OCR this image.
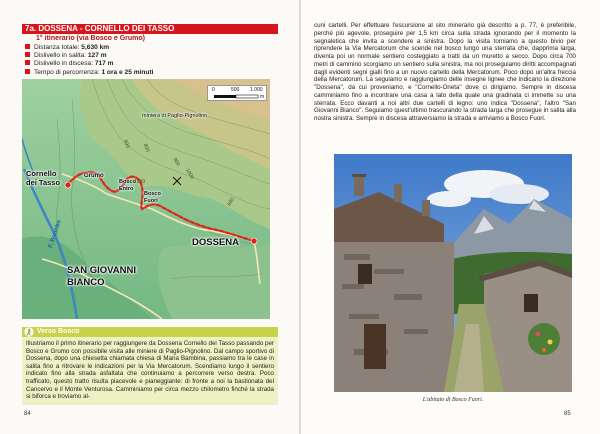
7a. DOSSENA - CORNELLO DEI TASSO
1° itinerario (via Bosco e Grumo)
Distanza totale: 5,630 km
Dislivello in salita: 127 m
Dislivello in discesa: 717 m
Tempo di percorrenza: 1 ora e 25 minuti
0	500 1.000
m
Cornello
dei Tasso
Grumo
miniera di Paglio-Pignolino
Bosco
Entro
Bosco
Fuori
DOSSENA
SAN GIOVANNI
BIANCO
F. Brembo
600 800
900
1000
1000
600
Verso Bosco
Illustriamo il primo itinerario per raggiungere da Dossena Cornello dei Tasso passando per Bosco e Grumo con possibile visita alle miniere di Paglio-Pignolino. Dal campo sportivo di Dossena, dopo una chiesetta chiamata chiesa di Maria Bambina, passiamo tra le case in salita fino a ritrovare le indicazioni per la Via Mercatorum. Scendiamo lungo il sentiero indicato fino alla strada asfaltata che continuiamo a percorrere verso destra. Poco trafficato, questo tratto risulta piacevole e pianeggiante: di fronte a noi la bastionata del Cancervo e il Monte Venturosa. Camminiamo per circa mezzo chilometro finché la strada si biforca e troviamo al-
84
cuni cartelli. Per effettuare l'escursione al sito minerario già descritto a p. 77, è preferibile, perché più agevole, proseguire per 1,5 km circa sulla strada ignorando per il momento la segnaletica che invita a scendere a sinistra. Dopo la visita torniamo a questo bivio per riprendere la Via Mercatorum che scende nel bosco lungo una sterrata che, dapprima larga, diventa poi un normale sentiero costeggiato a tratti da un muretto a secco. Dopo circa 700 metri di cammino scorgiamo un sentiero sulla sinistra, ma noi proseguiamo diritti accompagnati dagli evidenti segni gialli fino a un nuovo cartello della Mercatorum. Poco dopo un'altra freccia della Mercatorum. La seguiamo e raggiungiamo delle insegne lignee che indicano la direzione "Dossena", da cui proveniamo, e "Cornello-Oneta" dove ci dirigiamo. Sempre in discesa camminiamo fino a incontrare una casa a lato della quale una gradinata ci immette su una sterrata. Ecco davanti a noi altri due cartelli di legno: uno indica "Dossena", l'altro "San Giovanni Bianco". Seguiamo quest'ultimo trascurando la strada larga che prosegue in salita alla nostra sinistra. Sempre in discesa attraversiamo la strada e arriviamo a Bosco Fuori.
L'abitato di Bosco Fuori.
85
